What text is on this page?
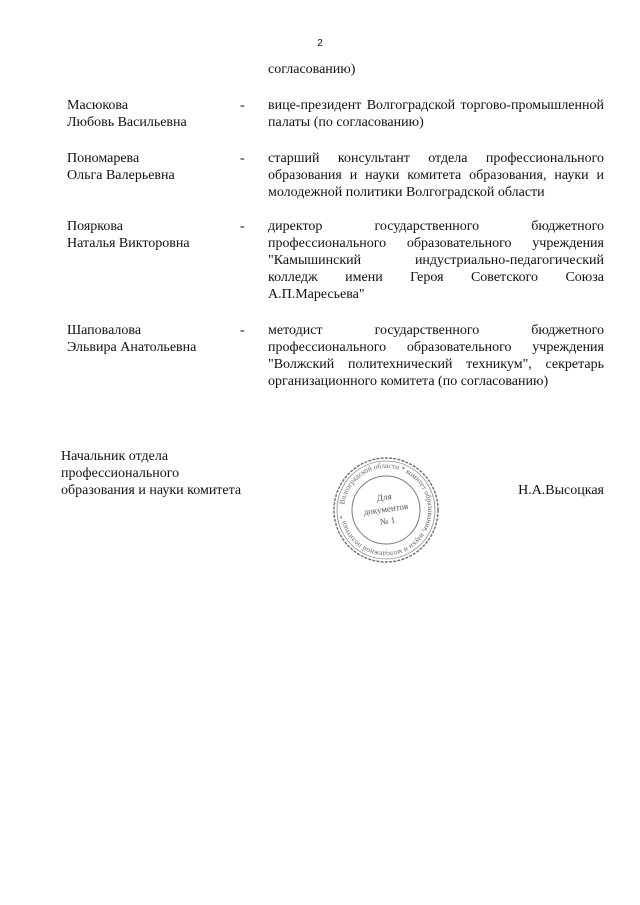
2
согласованию)
Масюкова
Любовь Васильевна
- вице-президент Волгоградской торгово-промышленной палаты (по согласованию)
Пономарева
Ольга Валерьевна
- старший консультант отдела профессионального образования и науки комитета образования, науки и молодежной политики Волгоградской области
Пояркова
Наталья Викторовна
- директор государственного бюджетного профессионального образовательного учреждения "Камышинский индустриально-педагогический колледж имени Героя Советского Союза А.П.Маресьева"
Шаповалова
Эльвира Анатольевна
- методист государственного бюджетного профессионального образовательного учреждения "Волжский политехнический техникум", секретарь организационного комитета (по согласованию)
Начальник отдела
профессионального
образования и науки комитета
Волгоградской области * комитет образования, науки и молодежной политики *
Для
документов
№ 1
Н.А.Высоцкая
